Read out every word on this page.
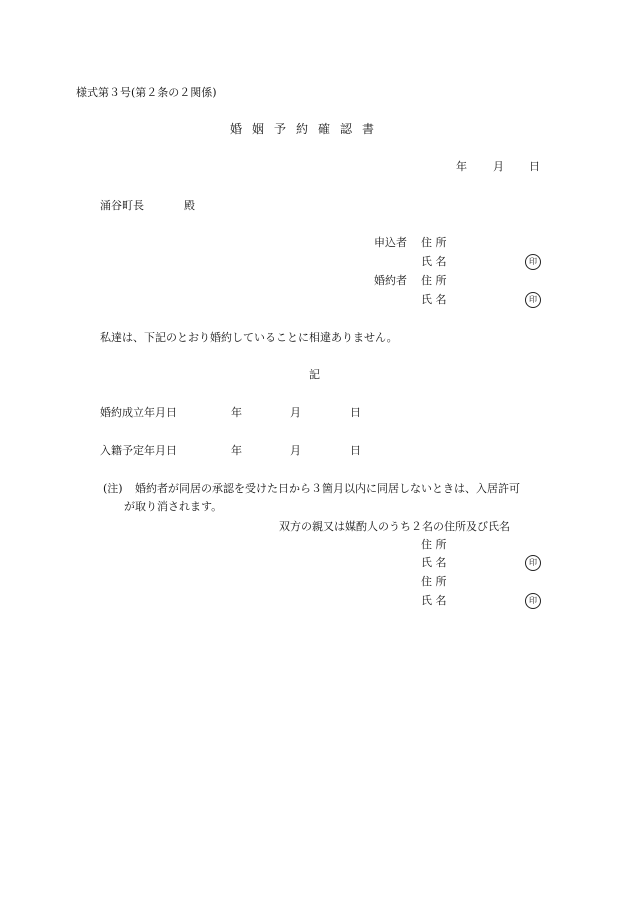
様式第３号(第２条の２関係)
婚姻予約確認書
年 月 日
涌谷町長	殿
申込者 住 所
氏 名	印
婚約者 住 所
氏 名	印
私達は、下記のとおり婚約していることに相違ありません。
記
婚約成立年月日	年	月	日
入籍予定年月日	年	月	日
(注) 婚約者が同居の承認を受けた日から３箇月以内に同居しないときは、入居許可
が取り消されます。
双方の親又は媒酌人のうち２名の住所及び氏名
住 所
氏 名	印
住 所
氏 名	印
